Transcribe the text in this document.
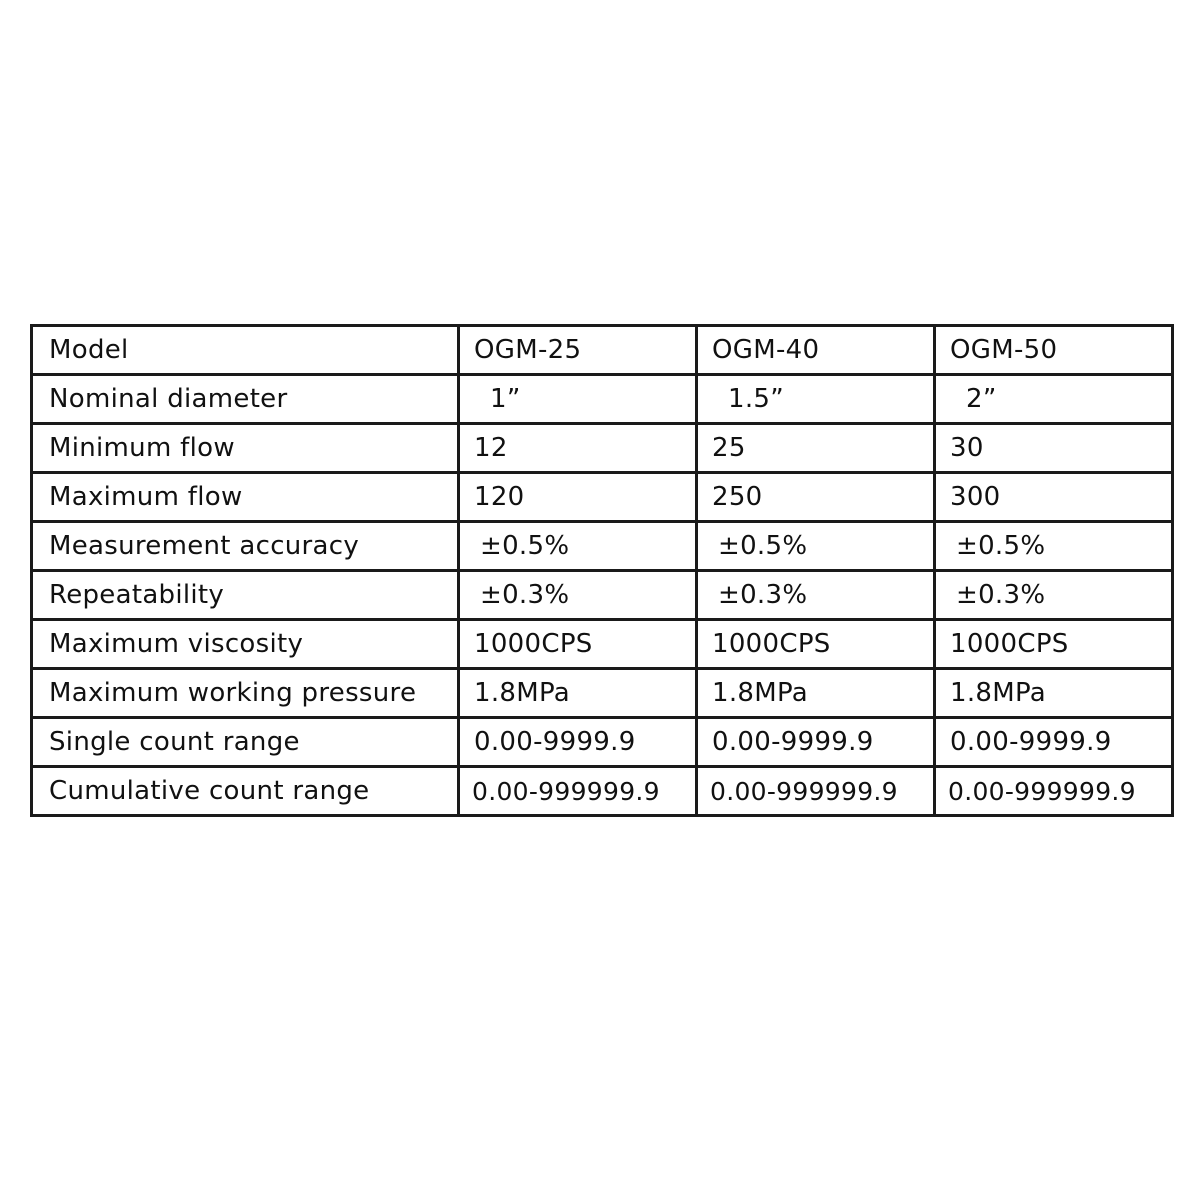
Model	OGM-25	OGM-40	OGM-50
Nominal diameter	1”	1.5”	2”
Minimum flow	12	25	30
Maximum flow	120	250	300
Measurement accuracy	±0.5%	±0.5%	±0.5%
Repeatability	±0.3%	±0.3%	±0.3%
Maximum viscosity	1000CPS	1000CPS	1000CPS
Maximum working pressure	1.8MPa	1.8MPa	1.8MPa
Single count range	0.00-9999.9	0.00-9999.9	0.00-9999.9
Cumulative count range	0.00-999999.9	0.00-999999.9	0.00-999999.9
